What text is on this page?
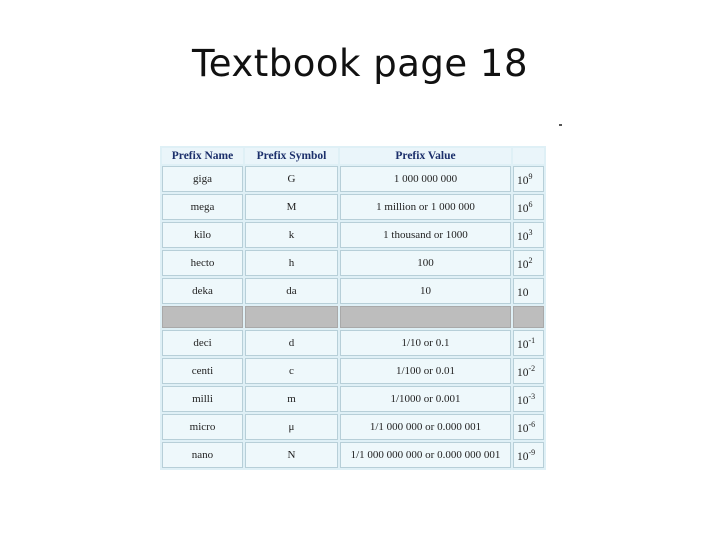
Textbook page 18
Prefix Name	Prefix Symbol	Prefix Value	
giga	G	1 000 000 000	$10^9$
mega	M	1 million or 1 000 000	$10^6$
kilo	k	1 thousand or 1000	$10^3$
hecto	h	100	$10^2$
deka	da	10	10

deci	d	1/10 or 0.1	$10^{-1}$
centi	c	1/100 or 0.01	$10^{-2}$
milli	m	1/1000 or 0.001	$10^{-3}$
micro	μ	1/1 000 000 or 0.000 001	$10^{-6}$
nano	N	1/1 000 000 000 or 0.000 000 001	$10^{-9}$
